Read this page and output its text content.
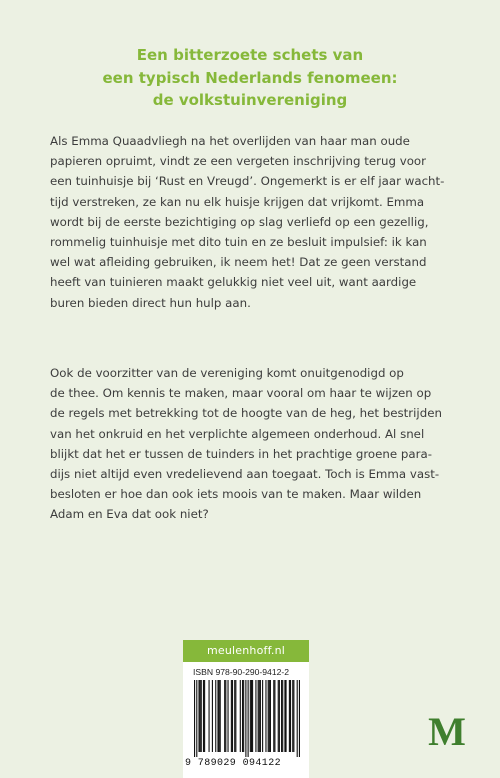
Een bitterzoete schets van
een typisch Nederlands fenomeen:
de volkstuinvereniging
Als Emma Quaadvliegh na het overlijden van haar man oude
papieren opruimt, vindt ze een vergeten inschrijving terug voor
een tuinhuisje bij ‘Rust en Vreugd’. Ongemerkt is er elf jaar wacht-
tijd verstreken, ze kan nu elk huisje krijgen dat vrijkomt. Emma
wordt bij de eerste bezichtiging op slag verliefd op een gezellig,
rommelig tuinhuisje met dito tuin en ze besluit impulsief: ik kan
wel wat afleiding gebruiken, ik neem het! Dat ze geen verstand
heeft van tuinieren maakt gelukkig niet veel uit, want aardige
buren bieden direct hun hulp aan.
Ook de voorzitter van de vereniging komt onuitgenodigd op
de thee. Om kennis te maken, maar vooral om haar te wijzen op
de regels met betrekking tot de hoogte van de heg, het bestrijden
van het onkruid en het verplichte algemeen onderhoud. Al snel
blijkt dat het er tussen de tuinders in het prachtige groene para-
dijs niet altijd even vredelievend aan toegaat. Toch is Emma vast-
besloten er hoe dan ook iets moois van te maken. Maar wilden
Adam en Eva dat ook niet?
meulenhoff.nl
ISBN 978-90-290-9412-2
9 789029 094122
M
